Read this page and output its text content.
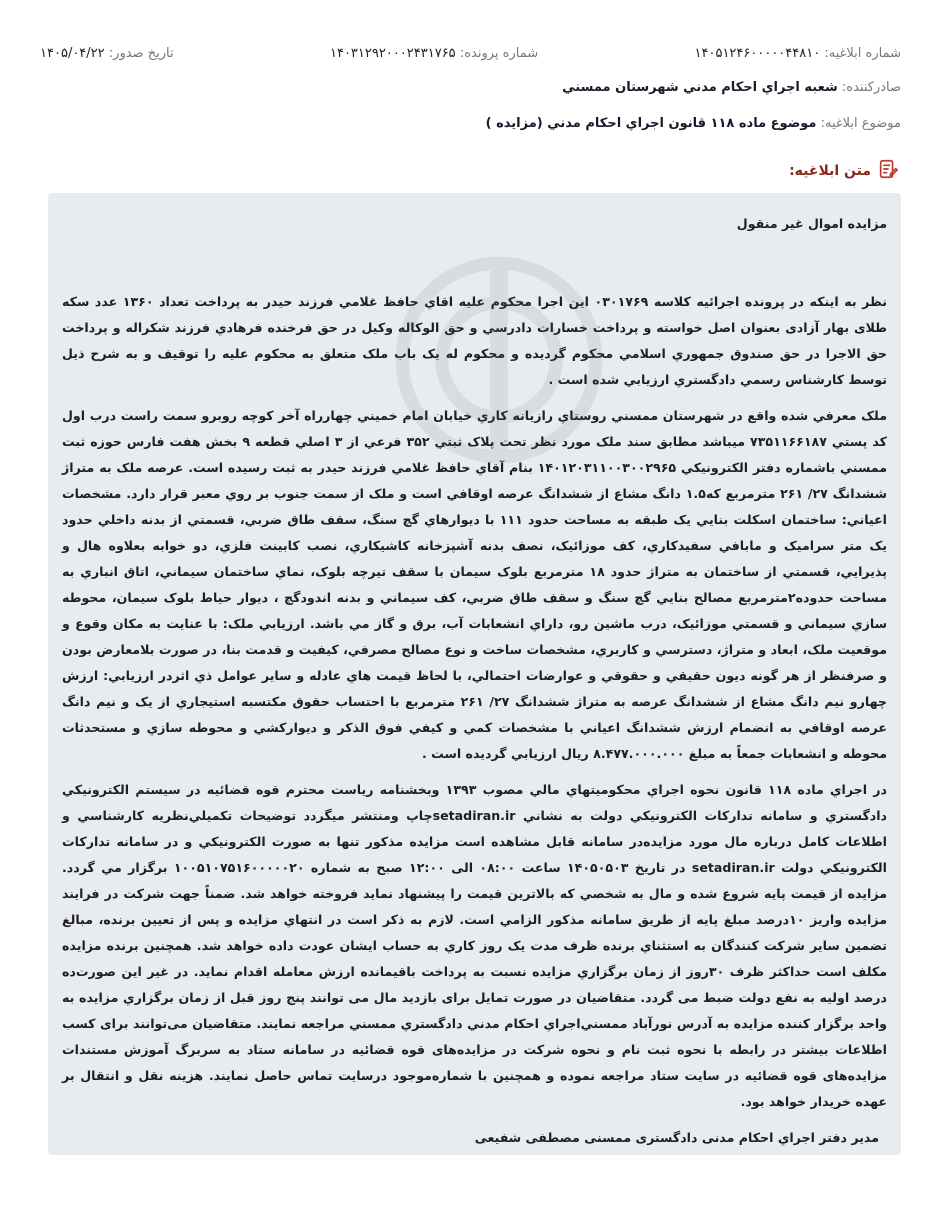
شماره ابلاغیه: ۱۴۰۵۱۲۴۶۰۰۰۰۰۴۴۸۱۰
شماره پرونده: ۱۴۰۳۱۲۹۲۰۰۰۲۴۳۱۷۶۵
تاریخ صدور: ۱۴۰۵/۰۴/۲۲
صادرکننده:

شعبه اجراي احكام مدني شهرستان ممسني
موضوع ابلاغیه:

موضوع ماده ۱۱۸ قانون اجراي احكام مدني (مزايده )
متن ابلاغیه:

مزايده اموال غير منقول

نظر به اينكه در پرونده اجرائيه كلاسه ۰۳۰۱۷۶۹ اين اجرا محكوم عليه اقاي حافظ غلامي فرزند حيدر به پرداخت تعداد ۱۳۶۰ عدد سكه طلاى بهار آزادى بعنوان اصل خواسته و پرداخت خسارات دادرسي و حق الوكاله وكيل در حق فرخنده فرهادي فرزند شكراله و پرداخت حق الاجرا در حق صندوق جمهوري اسلامي محكوم گرديده و محكوم له يک باب ملک متعلق به محكوم عليه را توقيف و به شرح ذيل توسط كارشناس رسمي دادگستري ارزيابي شده است .

ملک معرفي شده واقع در شهرستان ممسني روستاي رازيانه كاري خيابان امام خميني چهارراه آخر كوچه روبرو سمت راست درب اول كد پستي ۷۳۵۱۱۶۶۱۸۷ ميباشد مطابق سند ملک مورد نظر تحت پلاک ثبتي ۳۵۲ فرعي از ۳ اصلي قطعه ۹ بخش هفت فارس حوزه ثبت ممسني باشماره دفتر الكترونيكي ۱۴۰۱۲۰۳۱۱۰۰۳۰۰۲۹۶۵ بنام آقاي حافظ غلامي فرزند حيدر به ثبت رسيده است. عرصه ملک به متراژ ششدانگ ۲۷/ ۲۶۱ مترمربع كه۱.۵ دانگ مشاع از ششدانگ عرصه اوقافي است و ملک از سمت جنوب بر روي معبر قرار دارد. مشخصات اعياني: ساختمان اسكلت بنايي يک طبقه به مساحت حدود ۱۱۱ با ديوارهاي گچ سنگ، سقف طاق ضربي، قسمتي از بدنه داخلي حدود يک متر سراميک و مابافي سفيدكاري، كف موزائيک، نصف بدنه آشپزخانه كاشيكاري، نصب كابينت فلزي، دو خوابه بعلاوه هال و پذيرايي، قسمتي از ساختمان به متراژ حدود ۱۸ مترمربع بلوک سيمان با سقف تيرچه بلوک، نماي ساختمان سيماني، اتاق انباري به مساحت حدوده۲مترمربع مصالح بنايي گچ سنگ و سقف طاق ضربي، كف سيماني و بدنه اندودگچ ، ديوار حياط بلوک سيمان، محوطه سازي سيماني و قسمتي موزائيک، درب ماشين رو، داراي انشعابات آب، برق و گاز مي باشد. ارزيابي ملک: با عنايت به مكان وقوع و موقعيت ملک، ابعاد و متراژ، دسترسي و كاربري، مشخصات ساخت و نوع مصالح مصرفي، كيفيت و قدمت بنا، در صورت بلامعارض بودن و صرفنظر از هر گونه ديون حقيقي و حقوقي و عوارضات احتمالي، با لحاظ قيمت هاي عادله و ساير عوامل ذي اثردر ارزيابي: ارزش چهارو نيم دانگ مشاع از ششدانگ عرصه به متراژ ششدانگ ۲۷/ ۲۶۱ مترمربع با احتساب حقوق مكتسبه استيجاري از يک و نيم دانگ عرصه اوقافي به انضمام ارزش ششدانگ اعياني با مشخصات كمي و كيفي فوق الذكر و ديواركشي و محوطه سازي و مستحدثات محوطه و انشعابات جمعاً به مبلغ ۸.۴۷۷.۰۰۰.۰۰۰ ريال ارزيابي گرديده است .

در اجراي ماده ۱۱۸ قانون نحوه اجراي محكوميتهاي مالي مصوب ۱۳۹۳ وبخشنامه رياست محترم قوه قضائيه در سيستم الكترونيكي دادگستري و سامانه تداركات الكترونيكي دولت به نشاني setadiran.irچاپ ومنتشر ميگردد توضيحات تكميلي‌نظريه كارشناسي و اطلاعات كامل درباره مال مورد مزايده‌در سامانه قابل مشاهده است مزايده مذكور تنها به صورت الكترونيكي و در سامانه تداركات الكترونيكي دولت setadiran.ir در تاريخ ۱۴۰۵۰۵۰۳ ساعت ۰۸:۰۰ الى ۱۲:۰۰ صبح به شماره ۱۰۰۵۱۰۷۵۱۶۰۰۰۰۰۲۰ برگزار مي گردد. مزايده از قيمت پايه شروع شده و مال به شخصي كه بالاترين قيمت را پيشنهاد نمايد فروخته خواهد شد. ضمناً جهت شركت در فرايند مزايده واريز ۱۰درصد مبلغ پايه از طريق سامانه مذكور الزامي است. لازم به ذكر است در انتهاي مزايده و پس از تعيين برنده، مبالغ تضمين ساير شركت كنندگان به استثناي برنده ظرف مدت يک روز كاري به حساب ايشان عودت داده خواهد شد. همچنين برنده مزايده مكلف است حداكثر ظرف ۳۰روز از زمان برگزاري مزايده نسبت به پرداخت باقيمانده ارزش معامله اقدام نمايد. در غير اين صورت‌ده درصد اوليه به نفع دولت ضبط مى گردد. متقاضيان در صورت تمايل براى بازديد مال مى توانند پنج روز قبل از زمان برگزاري مزايده به واحد برگزار كننده مزايده به آدرس نورآباد ممسني‌اجراي احكام مدني دادگستري ممسني مراجعه نمايند. متقاضيان مى‌توانند براى كسب اطلاعات بيشتر در رابطه با نحوه ثبت نام و نحوه شركت در مزايده‌هاى قوه قضائيه در سامانه ستاد به سربرگ آموزش مستندات مزايده‌هاى قوه قضائيه در سايت ستاد مراجعه نموده و همچنين با شماره‌موجود درسايت تماس حاصل نمايند. هزينه نقل و انتقال بر عهده خريدار خواهد بود.

مدير دفتر اجراي احكام مدنى دادگسترى ممسنى مصطفى شفيعى
